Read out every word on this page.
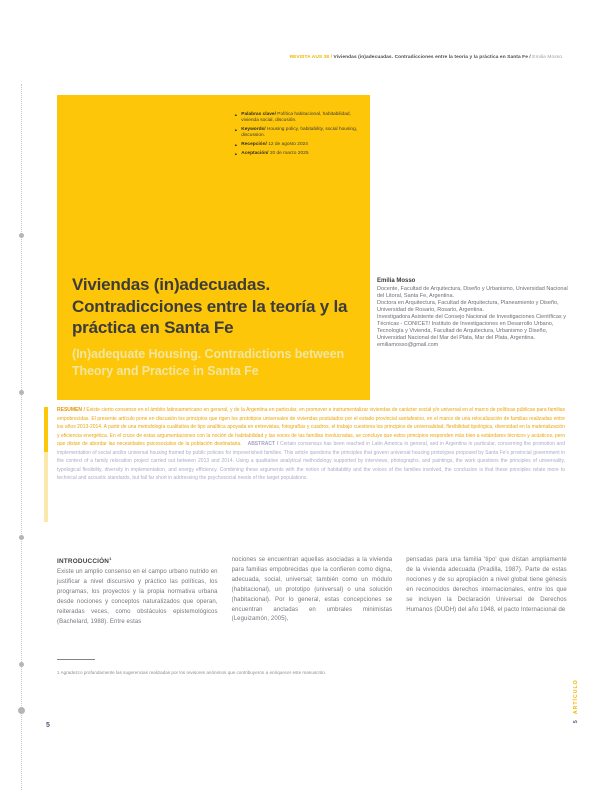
REVISTA AUS 38 / Viviendas (in)adecuadas. Contradicciones entre la teoría y la práctica en Santa Fe / Emilia Mosso
▲ Palabras clave/ Política habitacional, habitabilidad, vivienda social, discusión.
▲ Keywords/ Housing policy, habitability, social housing, discussion.
▲ Recepción/ 12 de agosto 2024
▲ Aceptación/ 20 de marzo 2025
Viviendas (in)adecuadas. Contradicciones entre la teoría y la práctica en Santa Fe
(In)adequate Housing. Contradictions between Theory and Practice in Santa Fe
Emilia Mosso
Docente, Facultad de Arquitectura, Diseño y Urbanismo, Universidad Nacional del Litoral, Santa Fe, Argentina.
Doctora en Arquitectura, Facultad de Arquitectura, Planeamiento y Diseño, Universidad de Rosario, Rosario, Argentina.
Investigadora Asistente del Consejo Nacional de Investigaciones Científicas y Técnicas - CONICET/ Instituto de Investigaciones en Desarrollo Urbano, Tecnología y Vivienda, Facultad de Arquitectura, Urbanismo y Diseño, Universidad Nacional del Mar del Plata, Mar del Plata, Argentina.
emiliamosso@gmail.com

RESUMEN / Existe cierto consenso en el ámbito latinoamericano en general, y de la Argentina en particular, en promover e instrumentalizar viviendas de carácter social y/o universal en el marco de políticas públicas para familias empobrecidas. El presente artículo pone en discusión los principios que rigen los prototipos universales de viviendas postulados por el estado provincial santafesino, en el marco de una relocalización de familias realizadas entre los años 2013-2014. A partir de una metodología cualitativa de tipo analítica apoyada en entrevistas, fotografías y cuadros, el trabajo cuestiona los principios de universalidad, flexibilidad tipológica, diversidad en la materialización y eficiencia energética. En el cruce de estas argumentaciones con la noción de habitabilidad y las voces de las familias involucradas, se concluye que estos principios responden más bien a estándares técnicos y acústicos, pero que distan de abordar las necesidades psicosociales de la población destinataria. ABSTRACT / Certain consensus has been reached in Latin America in general, and in Argentina in particular, concerning the promotion and implementation of social and/or universal housing framed by public policies for impoverished families. This article questions the principles that govern universal housing prototypes proposed by Santa Fe's provincial government in the context of a family relocation project carried out between 2013 and 2014. Using a qualitative analytical methodology supported by interviews, photographs, and paintings, the work questions the principles of universality, typological flexibility, diversity in implementation, and energy efficiency. Combining these arguments with the notion of habitability and the voices of the families involved, the conclusion is that these principles relate more to technical and acoustic standards, but fall far short in addressing the psychosocial needs of the target populations.

INTRODUCCIÓN$^1$

Existe un amplio consenso en el campo urbano nutrido en justificar a nivel discursivo y práctico las políticas, los programas, los proyectos y la propia normativa urbana desde nociones y conceptos naturalizados que operan, reiteradas veces, como obstáculos epistemológicos (Bachelard, 1988). Entre estas

nociones se encuentran aquellas asociadas a la vivienda para familias empobrecidas que la confieren como digna, adecuada, social, universal; también como un módulo (habitacional), un prototipo (universal) o una solución (habitacional). Por lo general, estas concepciones se encuentran ancladas en umbrales minimistas (Leguizamón, 2005),

pensadas para una familia 'tipo' que distan ampliamente de la vivienda adecuada (Pradilla, 1987). Parte de estas nociones y de su apropiación a nivel global tiene génesis en reconocidos derechos internacionales, entre los que se incluyen la Declaración Universal de Derechos Humanos (DUDH) del año 1948, el pacto Internacional de

1 Agradezco profundamente las sugerencias realizadas por los revisores anónimos que contribuyeron a enriquecer este manuscrito.
5
5 ARTÍCULO
